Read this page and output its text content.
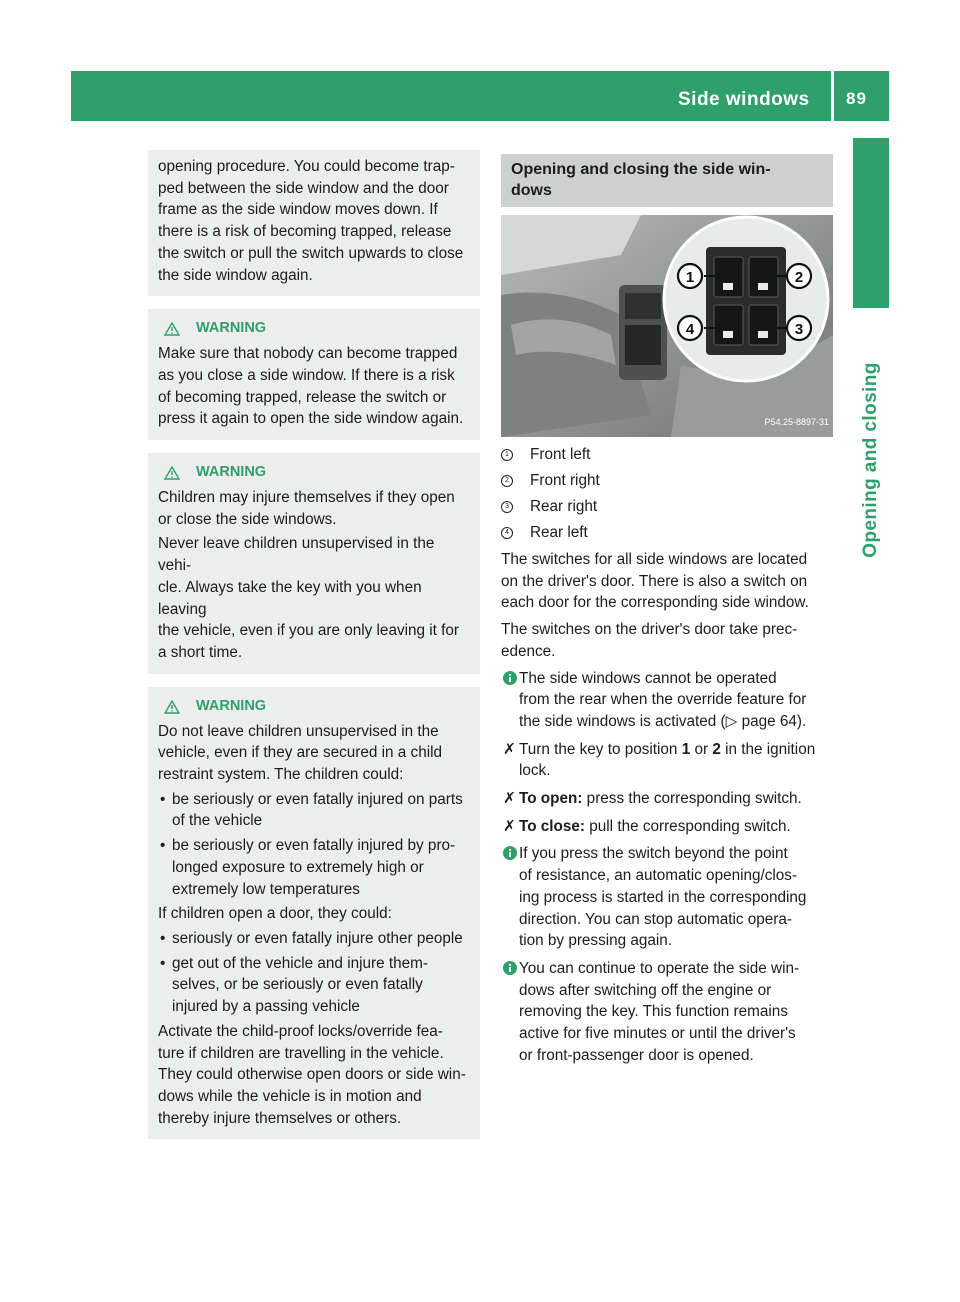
Side windows 89
Opening and closing

opening procedure. You could become trap-

ped between the side window and the door

frame as the side window moves down. If

there is a risk of becoming trapped, release

the switch or pull the switch upwards to close

the side window again.

WARNING

Make sure that nobody can become trapped

as you close a side window. If there is a risk

of becoming trapped, release the switch or

press it again to open the side window again.

WARNING

Children may injure themselves if they open

or close the side windows.

Never leave children unsupervised in the vehi-

cle. Always take the key with you when leaving

the vehicle, even if you are only leaving it for

a short time.

WARNING

Do not leave children unsupervised in the

vehicle, even if they are secured in a child

restraint system. The children could:

• be seriously or even fatally injured on parts
of the vehicle
• be seriously or even fatally injured by pro-
longed exposure to extremely high or
extremely low temperatures

If children open a door, they could:

• seriously or even fatally injure other people
• get out of the vehicle and injure them-
selves, or be seriously or even fatally
injured by a passing vehicle

Activate the child-proof locks/override fea-

ture if children are travelling in the vehicle.

They could otherwise open doors or side win-

dows while the vehicle is in motion and

thereby injure themselves or others.

Opening and closing the side win-
dows
1	2
3
4
P54.25-8897-31
1 Front left
2 Front right
3 Rear right
4 Rear left
The switches for all side windows are located
on the driver's door. There is also a switch on
each door for the corresponding side window.
The switches on the driver's door take prec-
edence.
The side windows cannot be operated
from the rear when the override feature for
the side windows is activated (▷ page 64).
✗ Turn the key to position 1 or 2 in the ignition
lock.
✗ To open: press the corresponding switch.
✗ To close: pull the corresponding switch.
If you press the switch beyond the point
of resistance, an automatic opening/clos-
ing process is started in the corresponding
direction. You can stop automatic opera-
tion by pressing again.
You can continue to operate the side win-
dows after switching off the engine or
removing the key. This function remains
active for five minutes or until the driver's
or front-passenger door is opened.
